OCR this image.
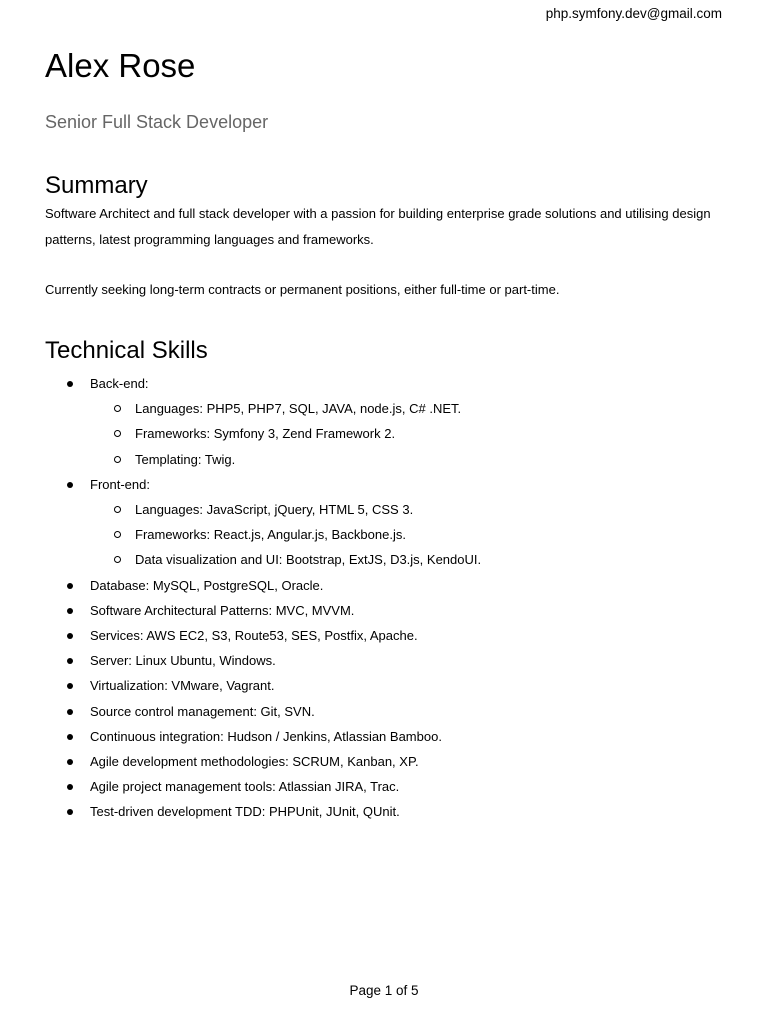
php.symfony.dev@gmail.com
Alex Rose
Senior Full Stack Developer
Summary

Software Architect and full stack developer with a passion for building enterprise grade solutions and utilising design patterns, latest programming languages and frameworks.

Currently seeking long-term contracts or permanent positions, either full-time or part-time.

Technical Skills
Back-end:
Languages: PHP5, PHP7, SQL, JAVA, node.js, C# .NET.
Frameworks: Symfony 3, Zend Framework 2.
Templating: Twig.
Front-end:
Languages: JavaScript, jQuery, HTML 5, CSS 3.
Frameworks: React.js, Angular.js, Backbone.js.
Data visualization and UI: Bootstrap, ExtJS, D3.js, KendoUI.
Database: MySQL, PostgreSQL, Oracle.
Software Architectural Patterns: MVC, MVVM.
Services: AWS EC2, S3, Route53, SES, Postfix, Apache.
Server: Linux Ubuntu, Windows.
Virtualization: VMware, Vagrant.
Source control management: Git, SVN.
Continuous integration: Hudson / Jenkins, Atlassian Bamboo.
Agile development methodologies: SCRUM, Kanban, XP.
Agile project management tools: Atlassian JIRA, Trac.
Test-driven development TDD: PHPUnit, JUnit, QUnit.
Page 1 of 5
